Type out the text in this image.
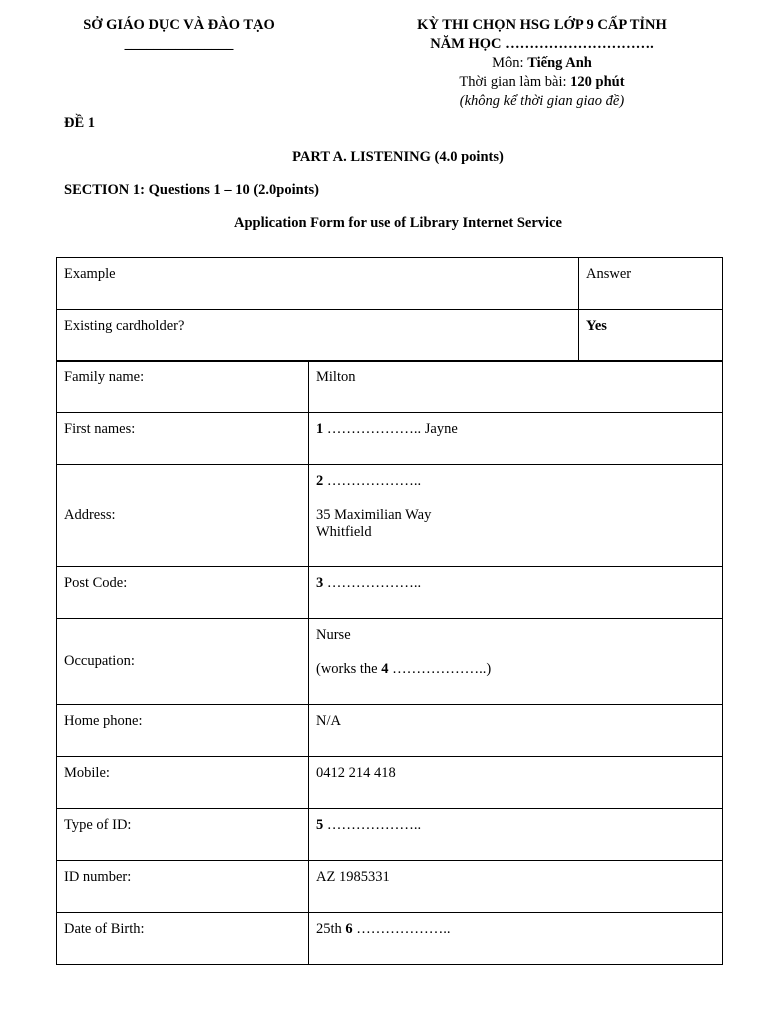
SỞ GIÁO DỤC VÀ ĐÀO TẠO
_______________
KỲ THI CHỌN HSG LỚP 9 CẤP TỈNH
NĂM HỌC ………………………….
Môn: Tiếng Anh
Thời gian làm bài: 120 phút
(không kể thời gian giao đề)
ĐỀ 1
PART A. LISTENING (4.0 points)
SECTION 1: Questions 1 – 10 (2.0points)
Application Form for use of Library Internet Service
Example	Answer
Existing cardholder?	Yes
Family name:	Milton
First names:	1 ……………….. Jayne
Address:	2 ………………..
35 Maximilian Way
Whitfield

Post Code:	3 ………………..
Occupation:	Nurse
(works the 4 ………………..)

Home phone:	N/A
Mobile:	0412 214 418
Type of ID:	5 ………………..
ID number:	AZ 1985331
Date of Birth:	25th 6 ………………..
